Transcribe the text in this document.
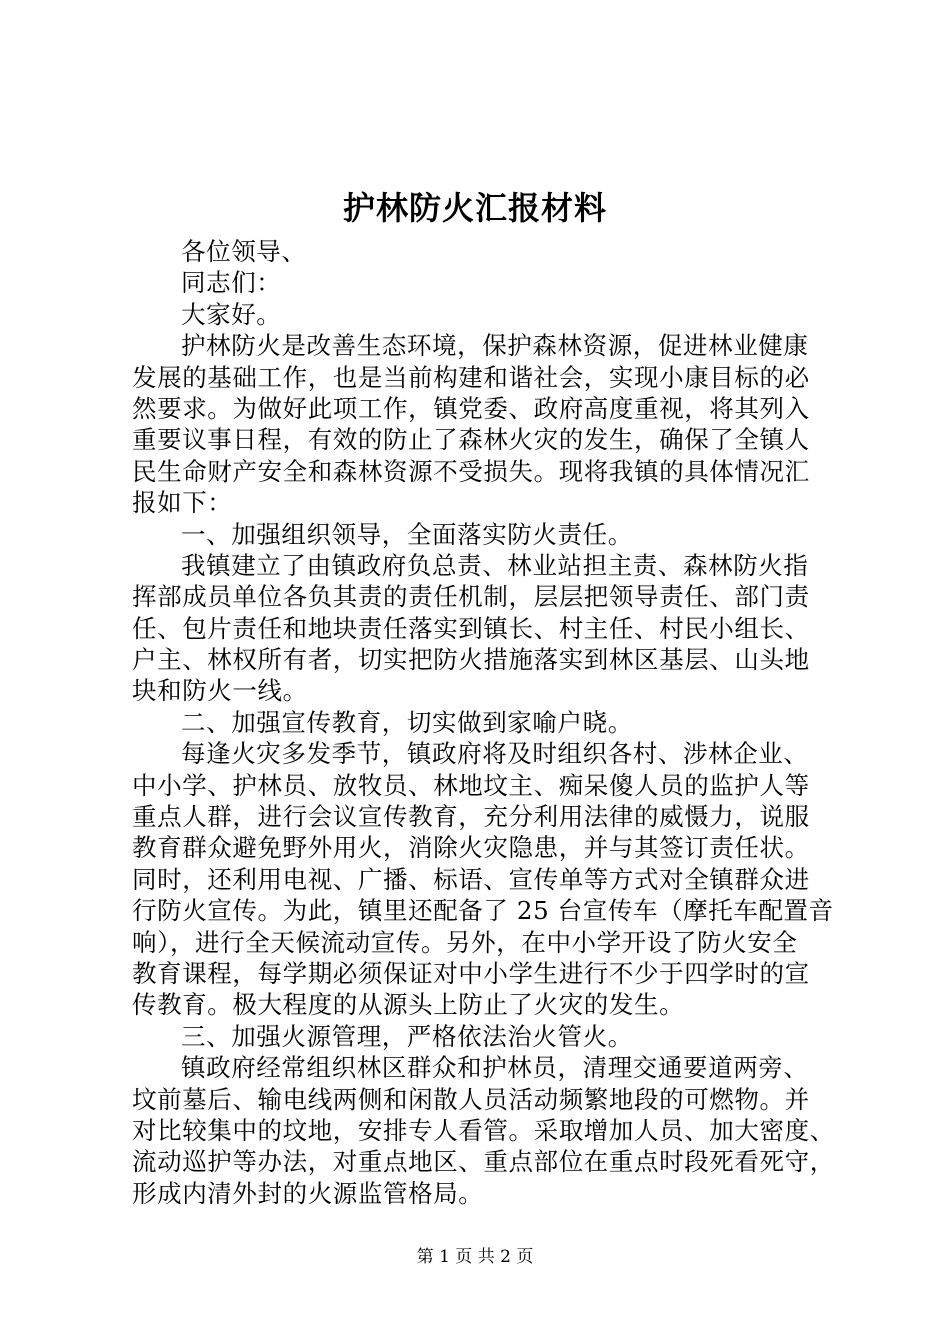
护林防火汇报材料
各位领导、
同志们：
大家好。
护林防火是改善生态环境，保护森林资源，促进林业健康
发展的基础工作，也是当前构建和谐社会，实现小康目标的必
然要求。为做好此项工作，镇党委、政府高度重视，将其列入
重要议事日程，有效的防止了森林火灾的发生，确保了全镇人
民生命财产安全和森林资源不受损失。现将我镇的具体情况汇
报如下：
一、加强组织领导，全面落实防火责任。
我镇建立了由镇政府负总责、林业站担主责、森林防火指
挥部成员单位各负其责的责任机制，层层把领导责任、部门责
任、包片责任和地块责任落实到镇长、村主任、村民小组长、
户主、林权所有者，切实把防火措施落实到林区基层、山头地
块和防火一线。
二、加强宣传教育，切实做到家喻户晓。
每逢火灾多发季节，镇政府将及时组织各村、涉林企业、
中小学、护林员、放牧员、林地坟主、痴呆傻人员的监护人等
重点人群，进行会议宣传教育，充分利用法律的威慑力，说服
教育群众避免野外用火，消除火灾隐患，并与其签订责任状。
同时，还利用电视、广播、标语、宣传单等方式对全镇群众进
行防火宣传。为此，镇里还配备了 25 台宣传车（摩托车配置音
响），进行全天候流动宣传。另外，在中小学开设了防火安全
教育课程，每学期必须保证对中小学生进行不少于四学时的宣
传教育。极大程度的从源头上防止了火灾的发生。
三、加强火源管理，严格依法治火管火。
镇政府经常组织林区群众和护林员，清理交通要道两旁、
坟前墓后、输电线两侧和闲散人员活动频繁地段的可燃物。并
对比较集中的坟地，安排专人看管。采取增加人员、加大密度、
流动巡护等办法，对重点地区、重点部位在重点时段死看死守，
形成内清外封的火源监管格局。
第 1 页 共 2 页
